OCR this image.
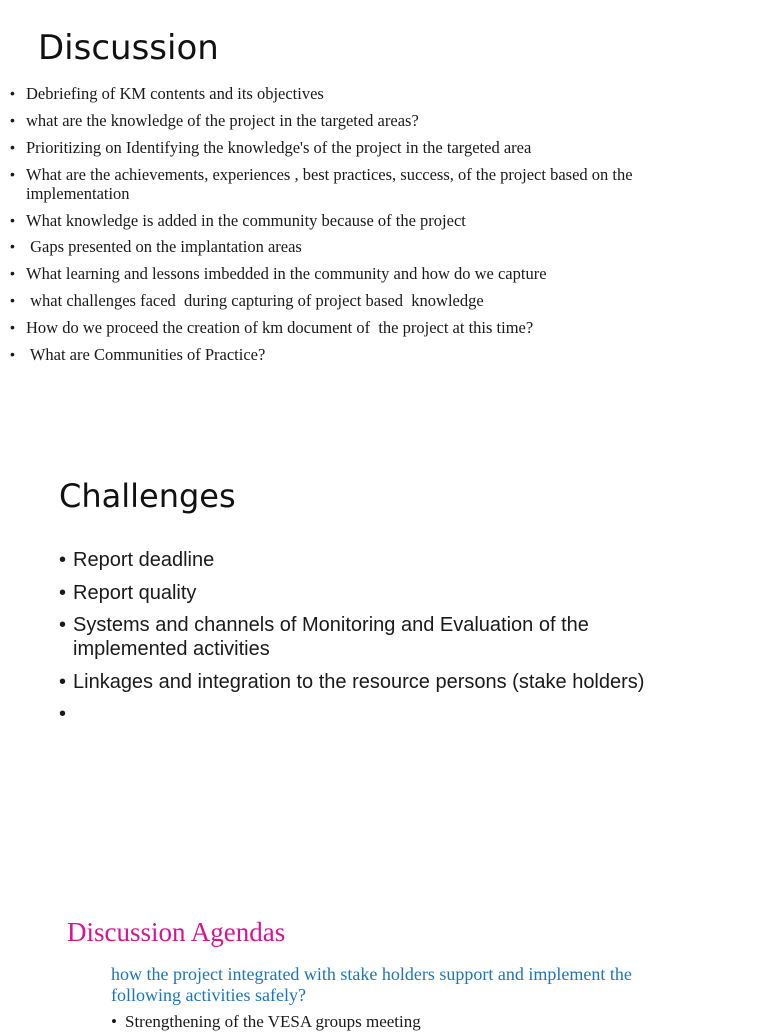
Discussion
• Debriefing of KM contents and its objectives
• what are the knowledge of the project in the targeted areas?
• Prioritizing on Identifying the knowledge's of the project in the targeted area
• What are the achievements, experiences , best practices, success, of the project based on the implementation
• What knowledge is added in the community because of the project
• Gaps presented on the implantation areas
• What learning and lessons imbedded in the community and how do we capture
• what challenges faced  during capturing of project based  knowledge
• How do we proceed the creation of km document of  the project at this time?
• What are Communities of Practice?
Challenges
• Report deadline
• Report quality
• Systems and channels of Monitoring and Evaluation of the implemented activities
• Linkages and integration to the resource persons (stake holders)
•
Discussion Agendas
how the project integrated with stake holders support and implement the following activities safely?
• Strengthening of the VESA groups meeting
